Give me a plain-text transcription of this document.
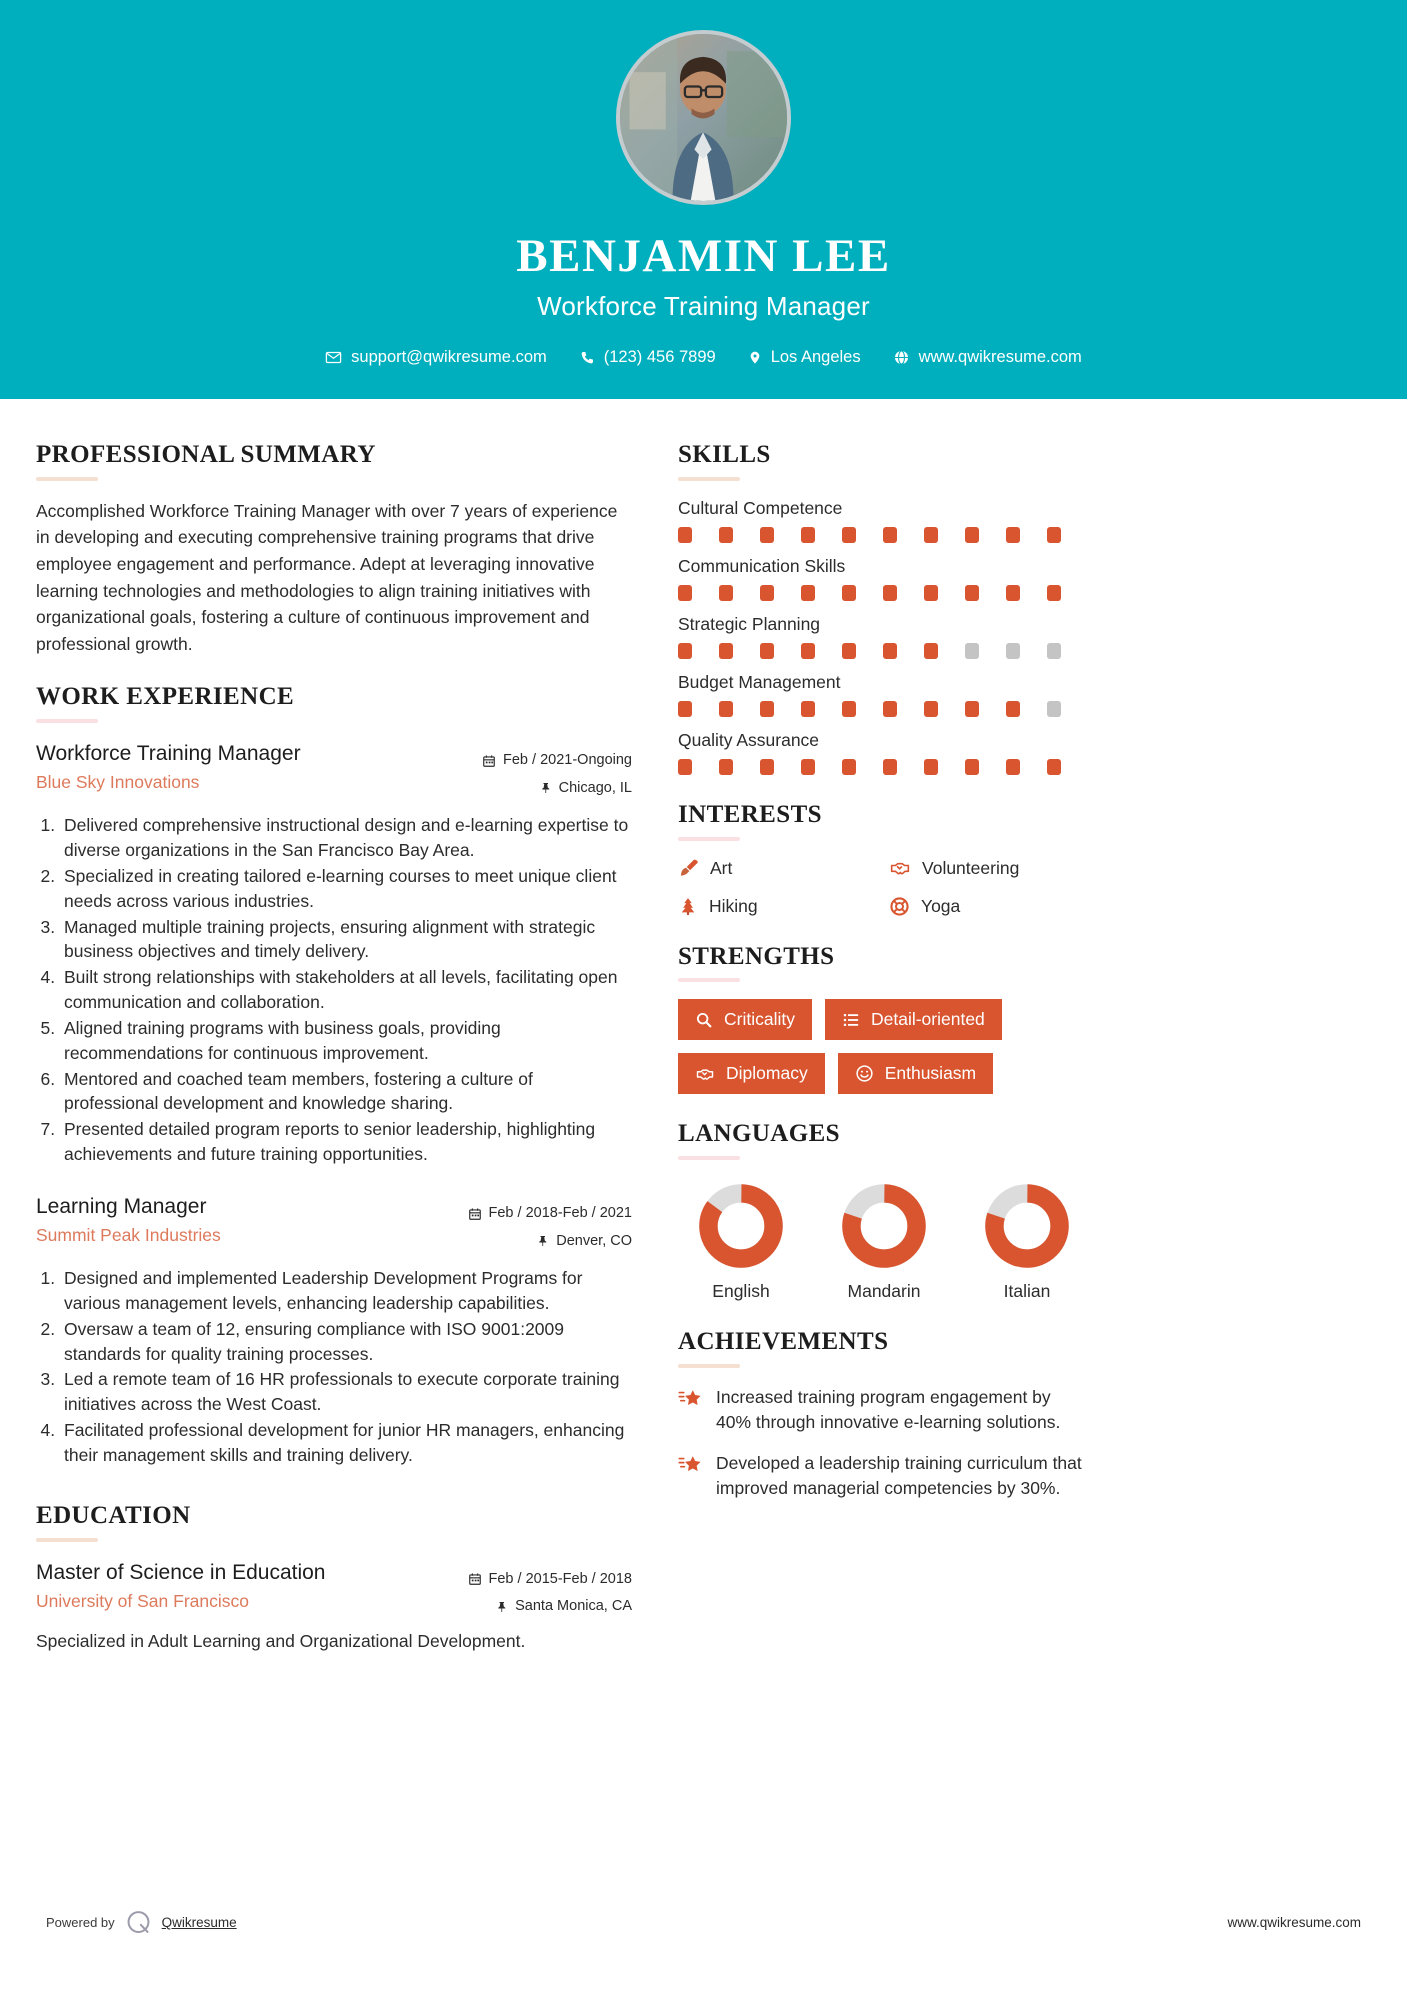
BENJAMIN LEE
Workforce Training Manager
support@qwikresume.com	(123) 456 7899	Los Angeles	www.qwikresume.com
PROFESSIONAL SUMMARY
Accomplished Workforce Training Manager with over 7 years of experience in developing and executing comprehensive training programs that drive employee engagement and performance. Adept at leveraging innovative learning technologies and methodologies to align training initiatives with organizational goals, fostering a culture of continuous improvement and professional growth.
WORK EXPERIENCE
Workforce Training Manager
Blue Sky Innovations
Feb / 2021-Ongoing
Chicago, IL
1. Delivered comprehensive instructional design and e-learning expertise to diverse organizations in the San Francisco Bay Area.
2. Specialized in creating tailored e-learning courses to meet unique client needs across various industries.
3. Managed multiple training projects, ensuring alignment with strategic business objectives and timely delivery.
4. Built strong relationships with stakeholders at all levels, facilitating open communication and collaboration.
5. Aligned training programs with business goals, providing recommendations for continuous improvement.
6. Mentored and coached team members, fostering a culture of professional development and knowledge sharing.
7. Presented detailed program reports to senior leadership, highlighting achievements and future training opportunities.
Learning Manager
Summit Peak Industries
Feb / 2018-Feb / 2021
Denver, CO
1. Designed and implemented Leadership Development Programs for various management levels, enhancing leadership capabilities.
2. Oversaw a team of 12, ensuring compliance with ISO 9001:2009 standards for quality training processes.
3. Led a remote team of 16 HR professionals to execute corporate training initiatives across the West Coast.
4. Facilitated professional development for junior HR managers, enhancing their management skills and training delivery.
EDUCATION
Master of Science in Education
University of San Francisco
Feb / 2015-Feb / 2018
Santa Monica, CA
Specialized in Adult Learning and Organizational Development.
SKILLS
Cultural Competence
Communication Skills
Strategic Planning
Budget Management
Quality Assurance
INTERESTS
Art	Volunteering
Hiking	Yoga
STRENGTHS
Criticality	Detail-oriented
Diplomacy	Enthusiasm
LANGUAGES
English	Mandarin	Italian
ACHIEVEMENTS
Increased training program engagement by 40% through innovative e-learning solutions.
Developed a leadership training curriculum that improved managerial competencies by 30%.
Powered by	Qwikresume	www.qwikresume.com
